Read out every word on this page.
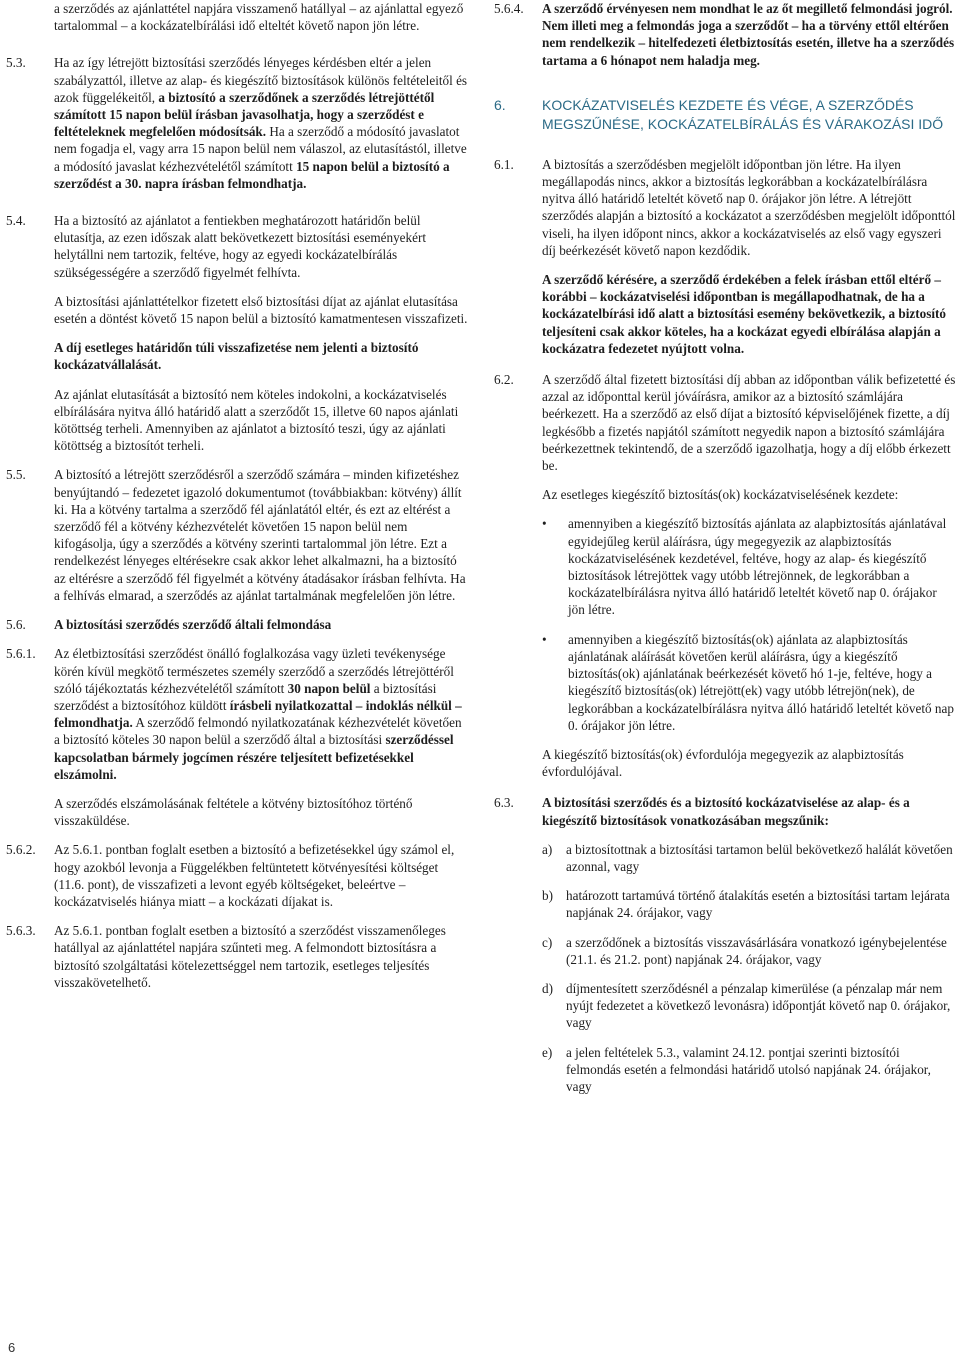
a szerződés az ajánlattétel napjára visszamenő hatállyal – az ajánlattal egyező tartalommal – a kockázatelbírálási idő elteltét követő napon jön létre.

5.3.	Ha az így létrejött biztosítási szerződés lényeges kérdésben eltér a jelen szabályzattól, illetve az alap- és kiegészítő biztosítások különös feltételeitől és azok függelékeitől, a biztosító a szerződőnek a szerződés létrejöttétől számított 15 napon belül írásban javasolhatja, hogy a szerződést e feltételeknek megfelelően módosítsák. Ha a szerződő a módosító javaslatot nem fogadja el, vagy arra 15 napon belül nem válaszol, az elutasítástól, illetve a módosító javaslat kézhezvételétől számított 15 napon belül a biztosító a szerződést a 30. napra írásban felmondhatja.

5.4.	Ha a biztosító az ajánlatot a fentiekben meghatározott határidőn belül elutasítja, az ezen időszak alatt bekövetkezett biztosítási eseményekért helytállni nem tartozik, feltéve, hogy az egyedi kockázatelbírálás szükségességére a szerződő figyelmét felhívta.

A biztosítási ajánlattételkor fizetett első biztosítási díjat az ajánlat elutasítása esetén a döntést követő 15 napon belül a biztosító kamatmentesen visszafizeti.

A díj esetleges határidőn túli visszafizetése nem jelenti a biztosító kockázatvállalását.

Az ajánlat elutasítását a biztosító nem köteles indokolni, a kockázatviselés elbírálására nyitva álló határidő alatt a szerződőt 15, illetve 60 napos ajánlati kötöttség terheli. Amennyiben az ajánlatot a biztosító teszi, úgy az ajánlati kötöttség a biztosítót terheli.

5.5.	A biztosító a létrejött szerződésről a szerződő számára – minden kifizetéshez benyújtandó – fedezetet igazoló dokumentumot (továbbiakban: kötvény) állít ki. Ha a kötvény tartalma a szerződő fél ajánlatától eltér, és ezt az eltérést a szerződő fél a kötvény kézhezvételét követően 15 napon belül nem kifogásolja, úgy a szerződés a kötvény szerinti tartalommal jön létre. Ezt a rendelkezést lényeges eltérésekre csak akkor lehet alkalmazni, ha a biztosító az eltérésre a szerződő fél figyelmét a kötvény átadásakor írásban felhívta. Ha a felhívás elmarad, a szerződés az ajánlat tartalmának megfelelően jön létre.

5.6.	A biztosítási szerződés szerződő általi felmondása

5.6.1.	Az életbiztosítási szerződést önálló foglalkozása vagy üzleti tevékenysége körén kívül megkötő természetes személy szerződő a szerződés létrejöttéről szóló tájékoztatás kézhezvételétől számított 30 napon belül a biztosítási szerződést a biztosítóhoz küldött írásbeli nyilatkozattal – indoklás nélkül – felmondhatja. A szerződő felmondó nyilatkozatának kézhezvételét követően a biztosító köteles 30 napon belül a szerződő által a biztosítási szerződéssel kapcsolatban bármely jogcímen részére teljesített befizetésekkel elszámolni.

A szerződés elszámolásának feltétele a kötvény biztosítóhoz történő visszaküldése.

5.6.2.	Az 5.6.1. pontban foglalt esetben a biztosító a befizetésekkel úgy számol el, hogy azokból levonja a Függelékben feltüntetett kötvényesítési költséget (11.6. pont), de visszafizeti a levont egyéb költségeket, beleértve – kockázatviselés hiánya miatt – a kockázati díjakat is.

5.6.3.	Az 5.6.1. pontban foglalt esetben a biztosító a szerződést visszamenőleges hatállyal az ajánlattétel napjára szűnteti meg. A felmondott biztosításra a biztosító szolgáltatási kötelezettséggel nem tartozik, esetleges teljesítés visszakövetelhető.

5.6.4.	A szerződő érvényesen nem mondhat le az őt megillető felmondási jogról. Nem illeti meg a felmondás joga a szerződőt – ha a törvény ettől eltérően nem rendelkezik – hitelfedezeti életbiztosítás esetén, illetve ha a szerződés tartama a 6 hónapot nem haladja meg.

6.	KOCKÁZATVISELÉS KEZDETE ÉS VÉGE, A SZERZŐDÉS MEGSZŰNÉSE, KOCKÁZATELBÍRÁLÁS ÉS VÁRAKOZÁSI IDŐ
6.1.	A biztosítás a szerződésben megjelölt időpontban jön létre. Ha ilyen megállapodás nincs, akkor a biztosítás legkorábban a kockázatelbírálásra nyitva álló határidő leteltét követő nap 0. órájakor jön létre. A létrejött szerződés alapján a biztosító a kockázatot a szerződésben megjelölt időponttól viseli, ha ilyen időpont nincs, akkor a kockázatviselés az első vagy egyszeri díj beérkezését követő napon kezdődik.

A szerződő kérésére, a szerződő érdekében a felek írásban ettől eltérő – korábbi – kockázatviselési időpontban is megállapodhatnak, de ha a kockázatelbírási idő alatt a biztosítási esemény bekövetkezik, a biztosító teljesíteni csak akkor köteles, ha a kockázat egyedi elbírálása alapján a kockázatra fedezetet nyújtott volna.

6.2.	A szerződő által fizetett biztosítási díj abban az időpontban válik befizetetté és azzal az időponttal kerül jóváírásra, amikor az a biztosító számlájára beérkezett. Ha a szerződő az első díjat a biztosító képviselőjének fizette, a díj legkésőbb a fizetés napjától számított negyedik napon a biztosító számlájára beérkezettnek tekintendő, de a szerződő igazolhatja, hogy a díj előbb érkezett be.

Az esetleges kiegészítő biztosítás(ok) kockázatviselésének kezdete:

•	amennyiben a kiegészítő biztosítás ajánlata az alapbiztosítás ajánlatával egyidejűleg kerül aláírásra, úgy megegyezik az alapbiztosítás kockázatviselésének kezdetével, feltéve, hogy az alap- és kiegészítő biztosítások létrejöttek vagy utóbb létrejönnek, de legkorábban a kockázatelbírálásra nyitva álló határidő leteltét követő nap 0. órájakor jön létre.
•	amennyiben a kiegészítő biztosítás(ok) ajánlata az alapbiztosítás ajánlatának aláírását követően kerül aláírásra, úgy a kiegészítő biztosítás(ok) ajánlatának beérkezését követő hó 1-je, feltéve, hogy a kiegészítő biztosítás(ok) létrejött(ek) vagy utóbb létrejön(nek), de legkorábban a kockázatelbírálásra nyitva álló határidő leteltét követő nap 0. órájakor jön létre.

A kiegészítő biztosítás(ok) évfordulója megegyezik az alapbiztosítás évfordulójával.

6.3.	A biztosítási szerződés és a biztosító kockázatviselése az alap- és a kiegészítő biztosítások vonatkozásában megszűnik:

a)	a biztosítottnak a biztosítási tartamon belül bekövetkező halálát követően azonnal, vagy
b) határozott tartamúvá történő átalakítás esetén a biztosítási tartam lejárata napjának 24. órájakor, vagy
c)	a szerződőnek a biztosítás visszavásárlására vonatkozó igénybejelentése (21.1. és 21.2. pont) napjának 24. órájakor, vagy
d) díjmentesített szerződésnél a pénzalap kimerülése (a pénzalap már nem nyújt fedezetet a következő levonásra) időpontját követő nap 0. órájakor, vagy
e)	a jelen feltételek 5.3., valamint 24.12. pontjai szerinti biztosítói felmondás esetén a felmondási határidő utolsó napjának 24. órájakor, vagy
6
